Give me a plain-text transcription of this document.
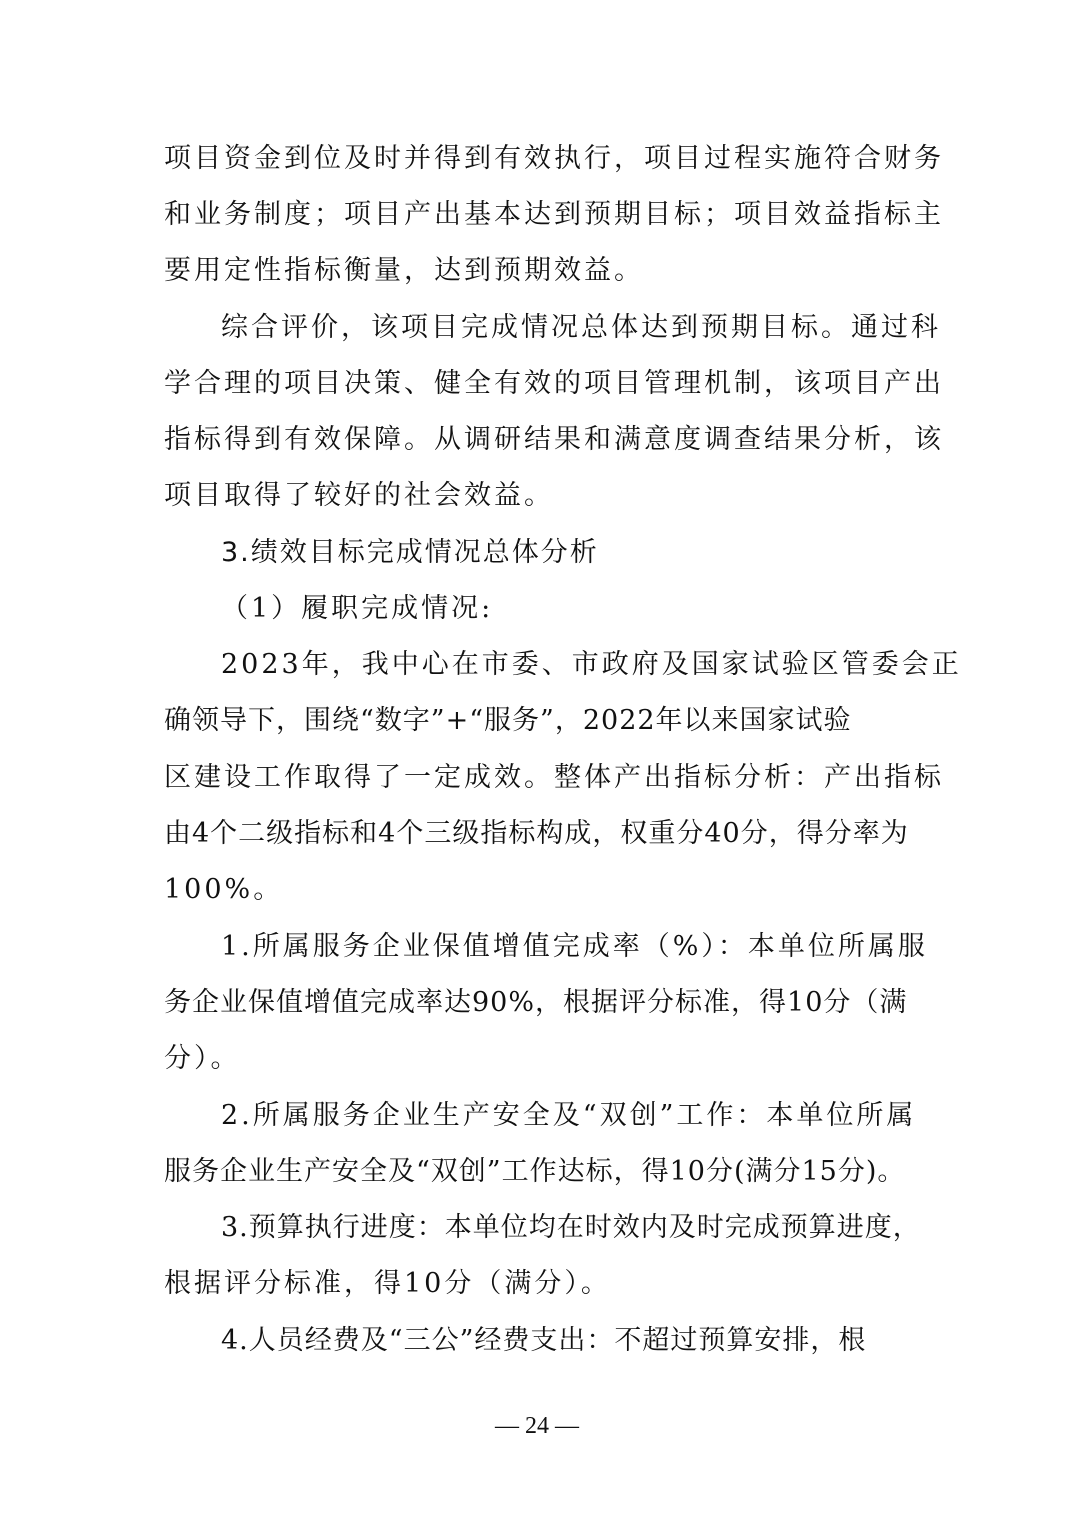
项目资金到位及时并得到有效执行，项目过程实施符合财务
和业务制度；项目产出基本达到预期目标；项目效益指标主
要用定性指标衡量，达到预期效益。
综合评价，该项目完成情况总体达到预期目标。通过科
学合理的项目决策、健全有效的项目管理机制，该项目产出
指标得到有效保障。从调研结果和满意度调查结果分析，该
项目取得了较好的社会效益。
3.绩效目标完成情况总体分析
（1）履职完成情况:
2023年，我中心在市委、市政府及国家试验区管委会正
确领导下，围绕“数字”+“服务”，2022年以来国家试验
区建设工作取得了一定成效。整体产出指标分析：产出指标
由4个二级指标和4个三级指标构成，权重分40分，得分率为
100%。
1.所属服务企业保值增值完成率（%）：本单位所属服
务企业保值增值完成率达90%，根据评分标准，得10分（满
分）。
2.所属服务企业生产安全及“双创”工作：本单位所属
服务企业生产安全及“双创”工作达标，得10分(满分15分)。
3.预算执行进度：本单位均在时效内及时完成预算进度，
根据评分标准，得10分（满分）。
4.人员经费及“三公”经费支出：不超过预算安排，根
— 24 —
